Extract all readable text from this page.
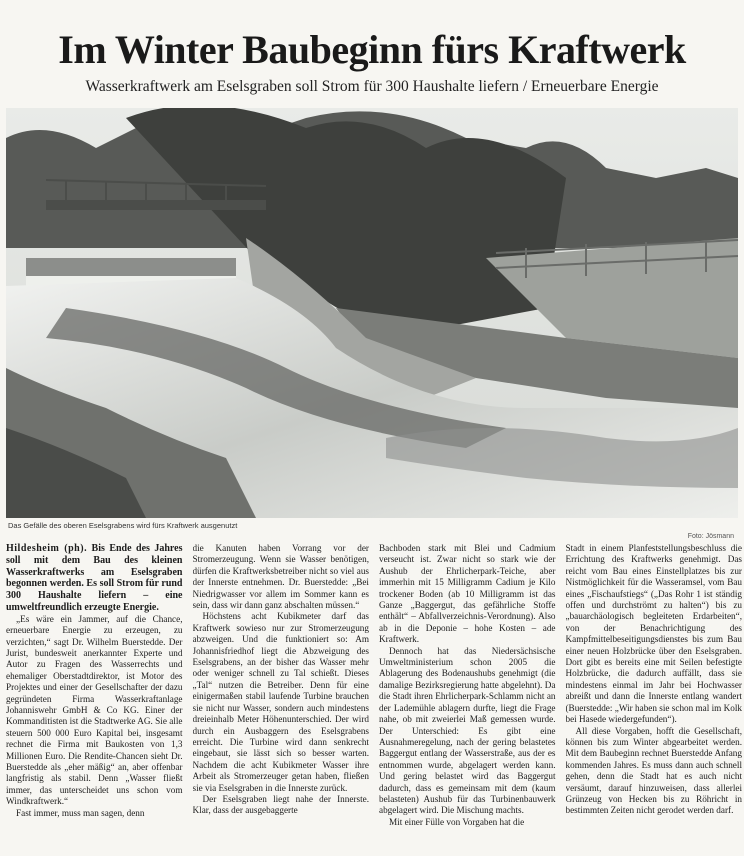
Im Winter Baubeginn fürs Kraftwerk
Wasserkraftwerk am Eselsgraben soll Strom für 300 Haushalte liefern / Erneuerbare Energie
Das Gefälle des oberen Eselsgrabens wird fürs Kraftwerk ausgenutzt
Foto: Jösmann

Hildesheim (ph). Bis Ende des Jahres soll mit dem Bau des kleinen Wasserkraftwerks am Eselsgraben begonnen werden. Es soll Strom für rund 300 Haushalte liefern – eine umweltfreundlich erzeugte Energie.

„Es wäre ein Jammer, auf die Chance, erneuerbare Energie zu erzeugen, zu verzichten,“ sagt Dr. Wilhelm Buerstedde. Der Jurist, bundesweit anerkannter Experte und Autor zu Fragen des Wasserrechts und ehemaliger Oberstadtdirektor, ist Motor des Projektes und einer der Gesellschafter der dazu gegründeten Firma Wasserkraftanlage Johanniswehr GmbH & Co KG. Einer der Kommanditisten ist die Stadtwerke AG. Sie alle steuern 500 000 Euro Kapital bei, insgesamt rechnet die Firma mit Baukosten von 1,3 Millionen Euro. Die Rendite-Chancen sieht Dr. Buerstedde als „eher mäßig“ an, aber offenbar langfristig als stabil. Denn „Wasser fließt immer, das unterscheidet uns schon vom Windkraftwerk.“

Fast immer, muss man sagen, denn

die Kanuten haben Vorrang vor der Stromerzeugung. Wenn sie Wasser benötigen, dürfen die Kraftwerksbetreiber nicht so viel aus der Innerste entnehmen. Dr. Buerstedde: „Bei Niedrigwasser vor allem im Sommer kann es sein, dass wir dann ganz abschalten müssen.“

Höchstens acht Kubikmeter darf das Kraftwerk sowieso nur zur Stromerzeugung abzweigen. Und die funktioniert so: Am Johannisfriedhof liegt die Abzweigung des Eselsgrabens, an der bisher das Wasser mehr oder weniger schnell zu Tal schießt. Dieses „Tal“ nutzen die Betreiber. Denn für eine einigermaßen stabil laufende Turbine brauchen sie nicht nur Wasser, sondern auch mindestens dreieinhalb Meter Höhenunterschied. Der wird durch ein Ausbaggern des Eselsgrabens erreicht. Die Turbine wird dann senkrecht eingebaut, sie lässt sich so besser warten. Nachdem die acht Kubikmeter Wasser ihre Arbeit als Stromerzeuger getan haben, fließen sie via Eselsgraben in die Innerste zurück.

Der Eselsgraben liegt nahe der Innerste. Klar, dass der ausgebaggerte

Bachboden stark mit Blei und Cadmium verseucht ist. Zwar nicht so stark wie der Aushub der Ehrlicherpark-Teiche, aber immerhin mit 15 Milligramm Cadium je Kilo trockener Boden (ab 10 Milligramm ist das Ganze „Baggergut, das gefährliche Stoffe enthält“ – Abfallverzeichnis-Verordnung). Also ab in die Deponie – hohe Kosten – ade Kraftwerk.

Dennoch hat das Niedersächsische Umweltministerium schon 2005 die Ablagerung des Bodenaushubs genehmigt (die damalige Bezirksregierung hatte abgelehnt). Da die Stadt ihren Ehrlicherpark-Schlamm nicht an der Lademühle ablagern durfte, liegt die Frage nahe, ob mit zweierlei Maß gemessen wurde. Der Unterschied: Es gibt eine Ausnahmeregelung, nach der gering belastetes Baggergut entlang der Wasserstraße, aus der es entnommen wurde, abgelagert werden kann. Und gering belastet wird das Baggergut dadurch, dass es gemeinsam mit dem (kaum belasteten) Aushub für das Turbinenbauwerk abgelagert wird. Die Mischung machts.

Mit einer Fülle von Vorgaben hat die

Stadt in einem Planfeststellungsbeschluss die Errichtung des Kraftwerks genehmigt. Das reicht vom Bau eines Einstellplatzes bis zur Nistmöglichkeit für die Wasseramsel, vom Bau eines „Fischaufstiegs“ („Das Rohr 1 ist ständig offen und durchströmt zu halten“) bis zu „bauarchäologisch begleiteten Erdarbeiten“, von der Benachrichtigung des Kampfmittelbeseitigungsdienstes bis zum Bau einer neuen Holzbrücke über den Eselsgraben. Dort gibt es bereits eine mit Seilen befestigte Holzbrücke, die dadurch auffällt, dass sie mindestens einmal im Jahr bei Hochwasser abreißt und dann die Innerste entlang wandert (Buerstedde: „Wir haben sie schon mal im Kolk bei Hasede wiedergefunden“).

All diese Vorgaben, hofft die Gesellschaft, können bis zum Winter abgearbeitet werden. Mit dem Baubeginn rechnet Buerstedde Anfang kommenden Jahres. Es muss dann auch schnell gehen, denn die Stadt hat es auch nicht versäumt, darauf hinzuweisen, dass allerlei Grünzeug von Hecken bis zu Röhricht in bestimmten Zeiten nicht gerodet werden darf.
